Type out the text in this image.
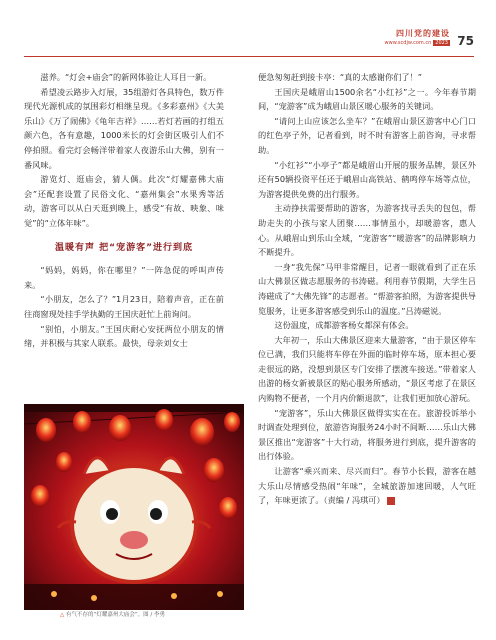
四川党的建设
www.scdjw.com.cn 2023 75

滋养。“灯会+庙会”的新网体验让人耳目一新。

希望凌云路步入灯展，35组游灯各具特色，数万件现代光源机成的氛围彩灯相继呈现。《多彩嘉州》《大美乐山》《万了闹佛》《龟年吉祥》……若灯若画的打组五颜六色，各有意趣，1000米长的灯会街区吸引人们不停拍照。看完灯会畅洋带着家人夜游乐山大佛，别有一番风味。

游览灯、逛庙会，猜人偶。此次“灯耀嘉佛大庙会”还配套设置了民俗文化、“嘉州集会”水果秀等活动，游客可以从白天逛到晚上，感受“有故、映象、味觉”的“立体年味”。

温暖有声 把“宠游客”进行到底

“妈妈，妈妈，你在哪里？”一阵急促的呼叫声传来。

“小朋友，怎么了？”1月23日，陪着声音，正在前往商窗现处挂手学执勤的王国庆赶忙上前询问。

“别怕，小朋友。”王国庆耐心安抚两位小朋友的情绪，并积极与其家人联系。最快，母亲刘女士

△ 有气不存的“灯耀嘉州大庙会”。图 / 李勇

便急匆匆赶到接卡亭：“真的太感谢你们了！”

王国庆是峨眉山1500余名“小红衫”之一。今年春节期间，“宠游客”成为峨眉山景区暖心服务的关键词。

“请问上山应该怎么坐车？”在峨眉山景区游客中心门口的红色亭子外，记者看到，时不时有游客上前咨询，寻求帮助。

“小红衫”“小亭子”都是峨眉山开展的服务品牌，景区外还有50辆投资平任还于峨眉山高铁站、鹤鸣停车场等点位，为游客提供免费的出行服务。

主动挣扶需要帮助的游客，为游客找寻丢失的包包，帮助走失的小孩与家人团聚……事情虽小，却暖游客，惠人心。从峨眉山到乐山全域，“宠游客”“暖游客”的品牌影响力不断提升。

一身“我先保”马甲非常醒目，记者一眼就看到了正在乐山大佛景区做志愿服务的书涛磁。利用春节假期，大学生吕涛磁成了“大佛先锋”的志愿者。“帮游客拍照，为游客提供导览服务，让更多游客感受到乐山的温度。”吕涛磁说。

这份温度，成都游客杨女都深有体会。

大年初一，乐山大佛景区迎来大量游客，“由于景区停车位已满，我们只能将车停在外面的临时停车场，原本担心要走很远的路，没想到景区专门安排了摆渡车接送。”带着家人出游的杨女新被景区的贴心服务所感动，“景区考虑了在景区内购物不便者，一个月内价额退款”，让我们更加放心游玩。

“宠游客”，乐山大佛景区做得实实在在。旅游投诉举小时调查处理到位，旅游咨询服务24小时不间断……乐山大佛景区推出“宠游客”十大行动，将服务进行到底，提升游客的出行体验。

让游客“乘兴而来、尽兴而归”。春节小长假，游客在越大乐山尽情感受热闹“年味”，全城旅游加速回暖，人气旺了，年味更浓了。（责编 / 冯琪可）
